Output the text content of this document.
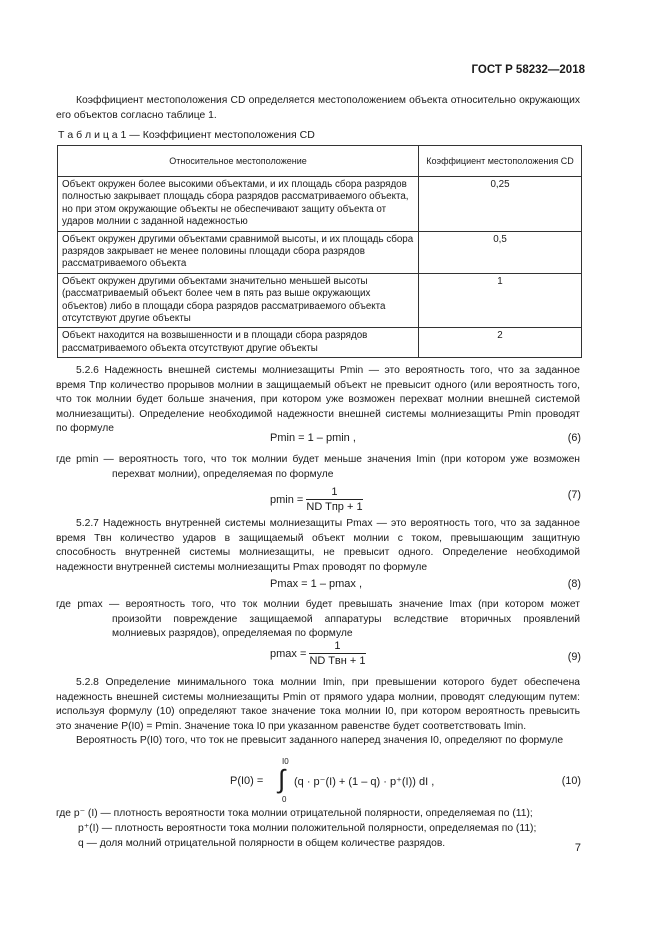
ГОСТ Р 58232—2018

Коэффициент местоположения CD определяется местоположением объекта относительно окружающих его объектов согласно таблице 1.

Т а б л и ц а 1 — Коэффициент местоположения CD
Относительное местоположение	Коэффициент местоположения CD
Объект окружен более высокими объектами, и их площадь сбора разрядов полностью закрывает площадь сбора разрядов рассматриваемого объекта, но при этом окружающие объекты не обеспечивают защиту объекта от ударов молнии с заданной надежностью	0,25
Объект окружен другими объектами сравнимой высоты, и их площадь сбора разрядов закрывает не менее половины площади сбора разрядов рассматриваемого объекта	0,5
Объект окружен другими объектами значительно меньшей высоты (рассматриваемый объект более чем в пять раз выше окружающих объектов) либо в площади сбора разрядов рассматриваемого объекта отсутствуют другие объекты	1
Объект находится на возвышенности и в площади сбора разрядов рассматриваемого объекта отсутствуют другие объекты	2

5.2.6 Надежность внешней системы молниезащиты Pmin — это вероятность того, что за заданное время Tпр количество прорывов молнии в защищаемый объект не превысит одного (или вероятность того, что ток молнии будет больше значения, при котором уже возможен перехват молнии внешней системой молниезащиты). Определение необходимой надежности внешней системы молниезащиты Pmin проводят по формуле

Pmin = 1 – pmin ,	(6)

где pmin — вероятность того, что ток молнии будет меньше значения Imin (при котором уже возможен перехват молнии), определяемая по формуле

$pmin = \frac{1}{\text{ND Tпр + 1}}$	(7)

5.2.7 Надежность внутренней системы молниезащиты Pmax — это вероятность того, что за заданное время Tвн количество ударов в защищаемый объект молнии с током, превышающим защитную способность внутренней системы молниезащиты, не превысит одного. Определение необходимой надежности внутренней системы молниезащиты Pmax проводят по формуле

Pmax = 1 – pmax ,	(8)

где pmax — вероятность того, что ток молнии будет превышать значение Imax (при котором может произойти повреждение защищаемой аппаратуры вследствие вторичных проявлений молниевых разрядов), определяемая по формуле

$pmax = \frac{1}{\text{ND Tвн + 1}}$	(9)

5.2.8 Определение минимального тока молнии Imin, при превышении которого будет обеспечена надежность внешней системы молниезащиты Pmin от прямого удара молнии, проводят следующим путем: используя формулу (10) определяют такое значение тока молнии I0, при котором вероятность превысить это значение P(I0) = Pmin. Значение тока I0 при указанном равенстве будет соответствовать Imin.

Вероятность P(I0) того, что ток не превысит заданного наперед значения I0, определяют по формуле

P(I0) =
I0
∫
0
(q · p⁻(I) + (1 – q) · p⁺(I)) dI ,	(10)

где p⁻ (I) — плотность вероятности тока молнии отрицательной полярности, определяемая по (11);

p⁺(I) — плотность вероятности тока молнии положительной полярности, определяемая по (11);

q — доля молний отрицательной полярности в общем количестве разрядов.	7
